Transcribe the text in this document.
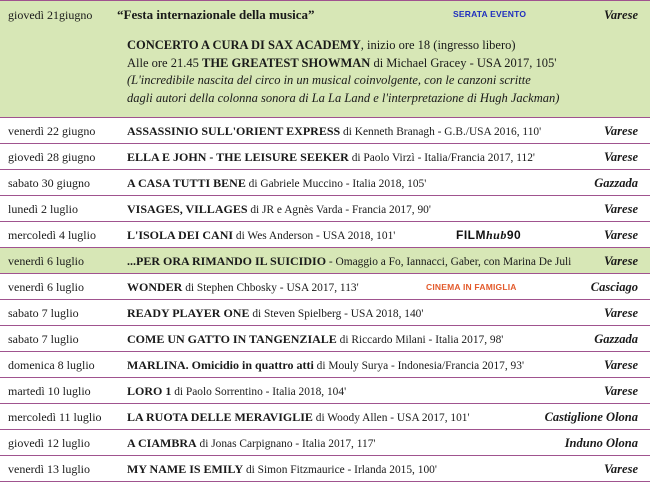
giovedì 21giugno “Festa internazionale della musica”	SERATA EVENTO	Varese
CONCERTO A CURA DI SAX ACADEMY, inizio ore 18 (ingresso libero)
Alle ore 21.45 THE GREATEST SHOWMAN di Michael Gracey - USA 2017, 105'
(L'incredibile nascita del circo in un musical coinvolgente, con le canzoni scritte
dagli autori della colonna sonora di La La Land e l'interpretazione di Hugh Jackman)
venerdì 22 giugno	ASSASSINIO SULL'ORIENT EXPRESS di Kenneth Branagh - G.B./USA 2016, 110'	Varese
giovedì 28 giugno	ELLA E JOHN - THE LEISURE SEEKER di Paolo Virzì - Italia/Francia 2017, 112'	Varese
sabato 30 giugno	A CASA TUTTI BENE di Gabriele Muccino - Italia 2018, 105'	Gazzada
lunedì 2 luglio	VISAGES, VILLAGES di JR e Agnès Varda - Francia 2017, 90'	Varese
mercoledì 4 luglio	L'ISOLA DEI CANI di Wes Anderson - USA 2018, 101'	FILMhub90	Varese
venerdì 6 luglio	...PER ORA RIMANDO IL SUICIDIO - Omaggio a Fo, Iannacci, Gaber, con Marina De Juli	Varese
venerdì 6 luglio	WONDER di Stephen Chbosky - USA 2017, 113'	CINEMA IN FAMIGLIA	Casciago
sabato 7 luglio	READY PLAYER ONE di Steven Spielberg - USA 2018, 140'	Varese
sabato 7 luglio	COME UN GATTO IN TANGENZIALE di Riccardo Milani - Italia 2017, 98'	Gazzada
domenica 8 luglio	MARLINA. Omicidio in quattro atti di Mouly Surya - Indonesia/Francia 2017, 93'	Varese
martedì 10 luglio	LORO 1 di Paolo Sorrentino - Italia 2018, 104'	Varese
mercoledì 11 luglio LA RUOTA DELLE MERAVIGLIE di Woody Allen - USA 2017, 101'	Castiglione Olona
giovedì 12 luglio	A CIAMBRA di Jonas Carpignano - Italia 2017, 117'	Induno Olona
venerdì 13 luglio	MY NAME IS EMILY di Simon Fitzmaurice - Irlanda 2015, 100'	Varese
